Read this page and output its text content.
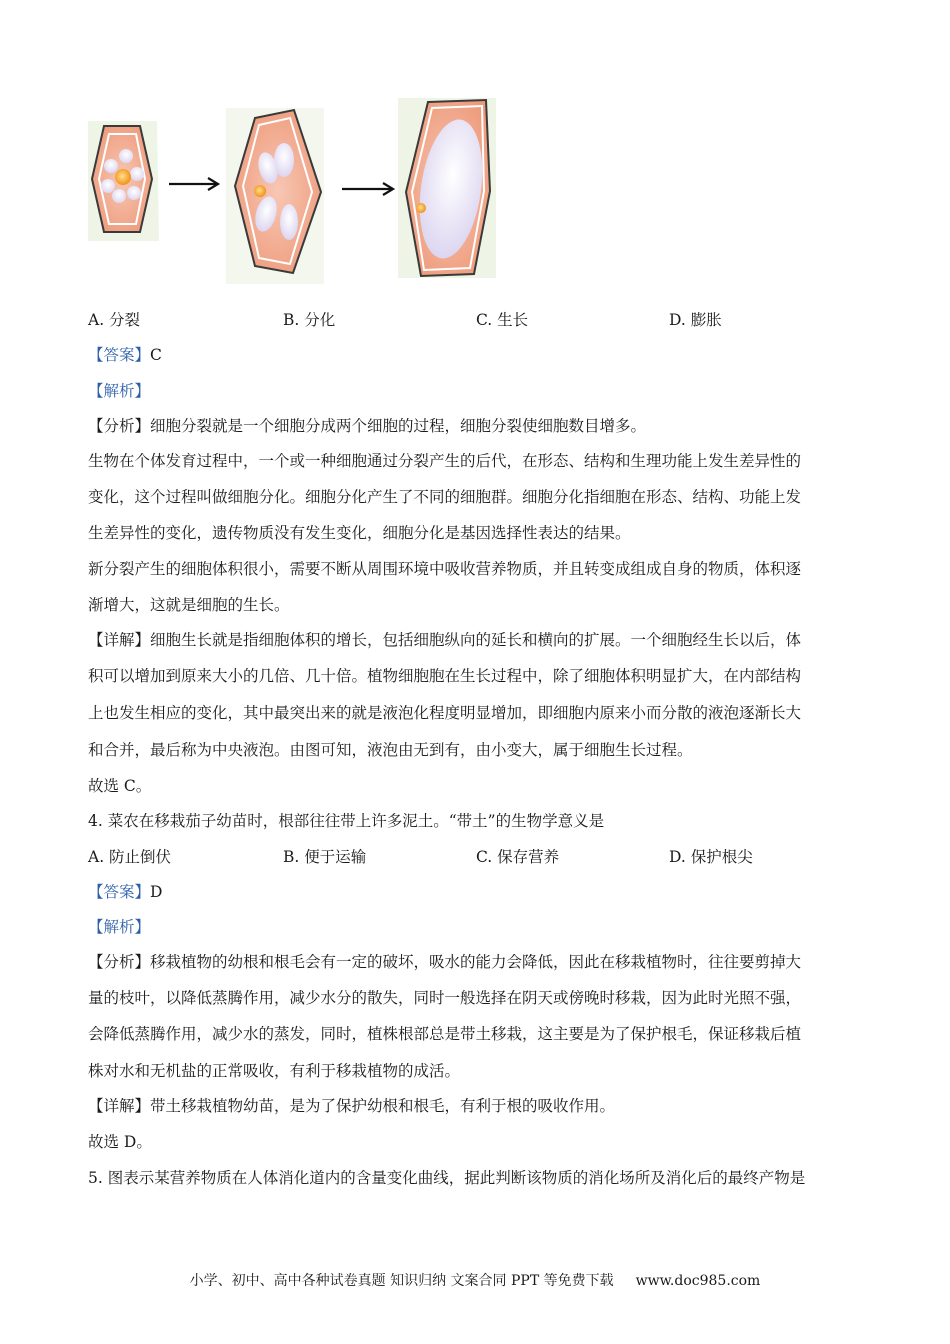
A. 分裂	B. 分化	C. 生长	D. 膨胀
【答案】C
【解析】
【分析】细胞分裂就是一个细胞分成两个细胞的过程，细胞分裂使细胞数目增多。
生物在个体发育过程中，一个或一种细胞通过分裂产生的后代，在形态、结构和生理功能上发生差异性的
变化，这个过程叫做细胞分化。细胞分化产生了不同的细胞群。细胞分化指细胞在形态、结构、功能上发
生差异性的变化，遗传物质没有发生变化，细胞分化是基因选择性表达的结果。
新分裂产生的细胞体积很小，需要不断从周围环境中吸收营养物质，并且转变成组成自身的物质，体积逐
渐增大，这就是细胞的生长。
【详解】细胞生长就是指细胞体积的增长，包括细胞纵向的延长和横向的扩展。一个细胞经生长以后，体
积可以增加到原来大小的几倍、几十倍。植物细胞胞在生长过程中，除了细胞体积明显扩大，在内部结构
上也发生相应的变化，其中最突出来的就是液泡化程度明显增加，即细胞内原来小而分散的液泡逐渐长大
和合并，最后称为中央液泡。由图可知，液泡由无到有，由小变大，属于细胞生长过程。
故选 C。
4. 菜农在移栽茄子幼苗时，根部往往带上许多泥土。“带土”的生物学意义是
A. 防止倒伏	B. 便于运输	C. 保存营养	D. 保护根尖
【答案】D
【解析】
【分析】移栽植物的幼根和根毛会有一定的破坏，吸水的能力会降低，因此在移栽植物时，往往要剪掉大
量的枝叶，以降低蒸腾作用，减少水分的散失，同时一般选择在阴天或傍晚时移栽，因为此时光照不强，
会降低蒸腾作用，减少水的蒸发，同时，植株根部总是带土移栽，这主要是为了保护根毛，保证移栽后植
株对水和无机盐的正常吸收，有利于移栽植物的成活。
【详解】带土移栽植物幼苗，是为了保护幼根和根毛，有利于根的吸收作用。
故选 D。
5. 图表示某营养物质在人体消化道内的含量变化曲线，据此判断该物质的消化场所及消化后的最终产物是
小学、初中、高中各种试卷真题 知识归纳 文案合同 PPT 等免费下载 www.doc985.com
